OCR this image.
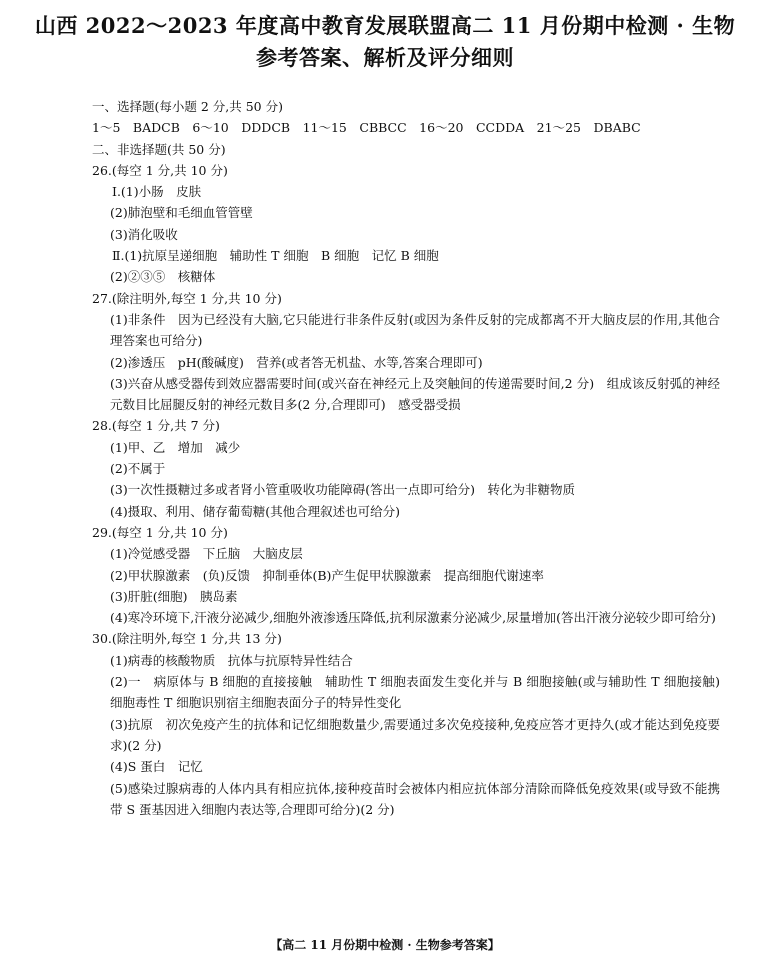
山西 2022～2023 年度高中教育发展联盟高二 11 月份期中检测 · 生物
参考答案、解析及评分细则
一、选择题(每小题 2 分,共 50 分)
1～5　BADCB　6～10　DDDCB　11～15　CBBCC　16～20　CCDDA　21～25　DBABC
二、非选择题(共 50 分)
26.(每空 1 分,共 10 分)
Ⅰ.(1)小肠　皮肤
(2)肺泡壁和毛细血管管壁
(3)消化吸收
Ⅱ.(1)抗原呈递细胞　辅助性 T 细胞　B 细胞　记忆 B 细胞
(2)②③⑤　核糖体
27.(除注明外,每空 1 分,共 10 分)
(1)非条件　因为已经没有大脑,它只能进行非条件反射(或因为条件反射的完成都离不开大脑皮层的作用,其他合理答案也可给分)
(2)渗透压　pH(酸碱度)　营养(或者答无机盐、水等,答案合理即可)
(3)兴奋从感受器传到效应器需要时间(或兴奋在神经元上及突触间的传递需要时间,2 分)　组成该反射弧的神经元数目比屈腿反射的神经元数目多(2 分,合理即可)　感受器受损
28.(每空 1 分,共 7 分)
(1)甲、乙　增加　减少
(2)不属于
(3)一次性摄糖过多或者肾小管重吸收功能障碍(答出一点即可给分)　转化为非糖物质
(4)摄取、利用、储存葡萄糖(其他合理叙述也可给分)
29.(每空 1 分,共 10 分)
(1)冷觉感受器　下丘脑　大脑皮层
(2)甲状腺激素　(负)反馈　抑制垂体(B)产生促甲状腺激素　提高细胞代谢速率
(3)肝脏(细胞)　胰岛素
(4)寒冷环境下,汗液分泌减少,细胞外液渗透压降低,抗利尿激素分泌减少,尿量增加(答出汗液分泌较少即可给分)
30.(除注明外,每空 1 分,共 13 分)
(1)病毒的核酸物质　抗体与抗原特异性结合
(2)一　病原体与 B 细胞的直接接触　辅助性 T 细胞表面发生变化并与 B 细胞接触(或与辅助性 T 细胞接触)　细胞毒性 T 细胞识别宿主细胞表面分子的特异性变化
(3)抗原　初次免疫产生的抗体和记忆细胞数量少,需要通过多次免疫接种,免疫应答才更持久(或才能达到免疫要求)(2 分)
(4)S 蛋白　记忆
(5)感染过腺病毒的人体内具有相应抗体,接种疫苗时会被体内相应抗体部分清除而降低免疫效果(或导致不能携带 S 蛋基因进入细胞内表达等,合理即可给分)(2 分)
【高二 11 月份期中检测 · 生物参考答案】
